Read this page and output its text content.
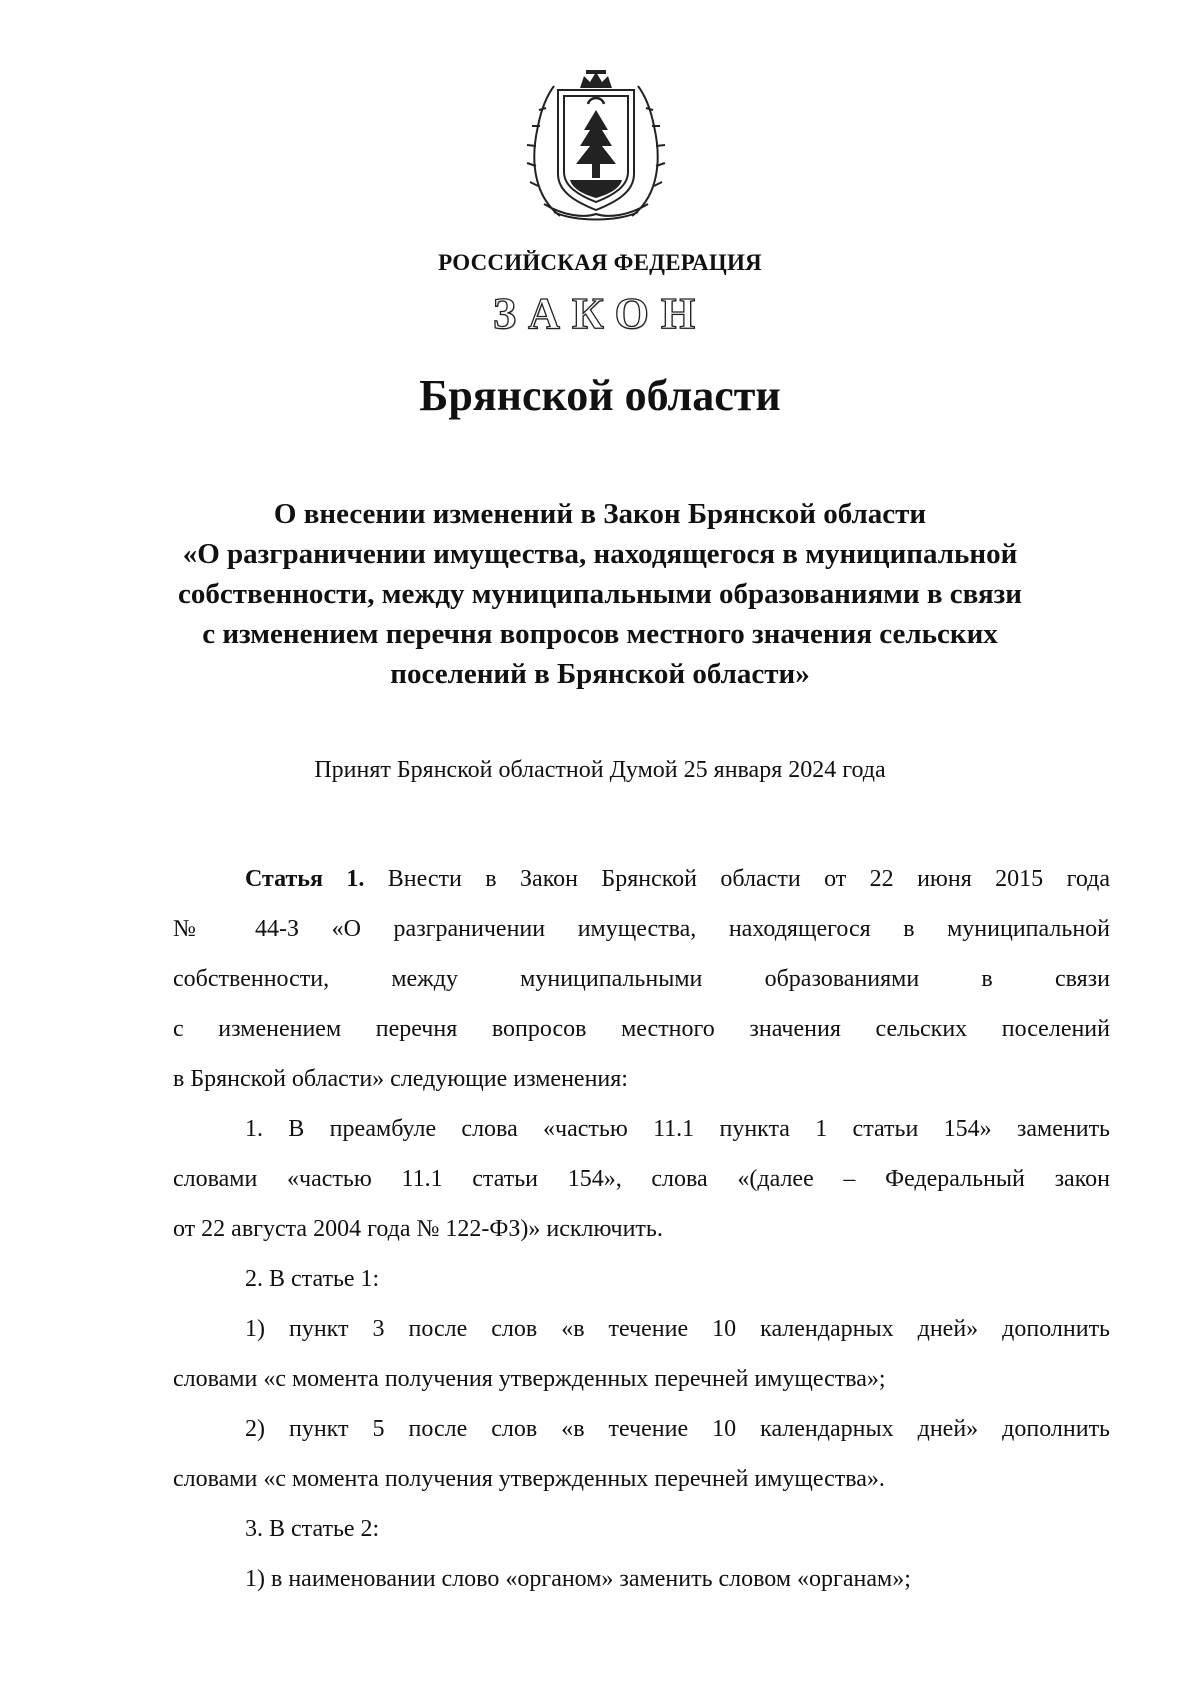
РОССИЙСКАЯ ФЕДЕРАЦИЯ
ЗАКОН
Брянской области
О внесении изменений в Закон Брянской области
«О разграничении имущества, находящегося в муниципальной
собственности, между муниципальными образованиями в связи
с изменением перечня вопросов местного значения сельских
поселений в Брянской области»
Принят Брянской областной Думой 25 января 2024 года
Статья 1. Внести в Закон Брянской области от 22 июня 2015 года
№ 44-З «О разграничении имущества, находящегося в муниципальной
собственности, между муниципальными образованиями в связи
с изменением перечня вопросов местного значения сельских поселений
в Брянской области» следующие изменения:
1. В преамбуле слова «частью 11.1 пункта 1 статьи 154» заменить
словами «частью 11.1 статьи 154», слова «(далее – Федеральный закон
от 22 августа 2004 года № 122-ФЗ)» исключить.
2. В статье 1:
1) пункт 3 после слов «в течение 10 календарных дней» дополнить
словами «с момента получения утвержденных перечней имущества»;
2) пункт 5 после слов «в течение 10 календарных дней» дополнить
словами «с момента получения утвержденных перечней имущества».
3. В статье 2:
1) в наименовании слово «органом» заменить словом «органам»;
